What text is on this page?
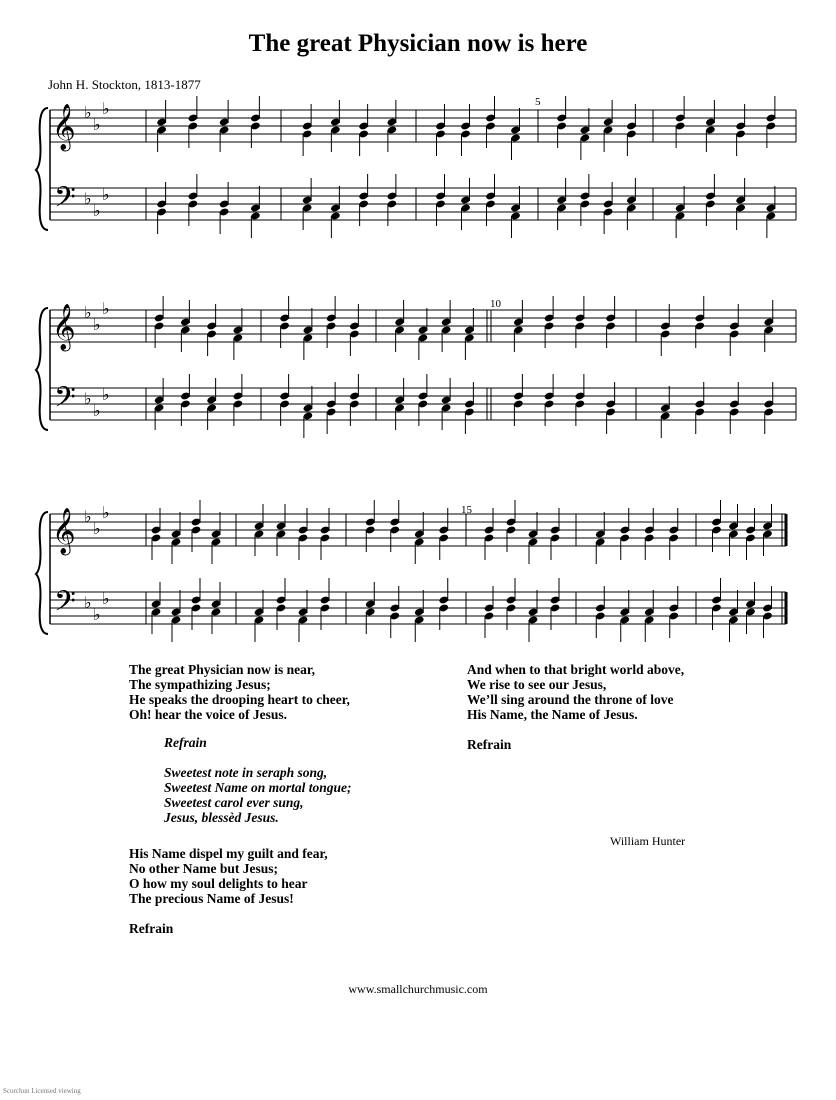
The great Physician now is here
John H. Stockton, 1813-1877
𝄞
𝄢
♭
♭
♭
♭
♭
♭
5
𝄞
𝄢
♭
♭
♭
♭
♭
♭
10
𝄞
𝄢
♭
♭
♭
♭
♭
♭
15
The great Physician now is near,
The sympathizing Jesus;
He speaks the drooping heart to cheer,
Oh! hear the voice of Jesus.
Refrain
Sweetest note in seraph song,
Sweetest Name on mortal tongue;
Sweetest carol ever sung,
Jesus, blessèd Jesus.
His Name dispel my guilt and fear,
No other Name but Jesus;
O how my soul delights to hear
The precious Name of Jesus!
Refrain
And when to that bright world above,
We rise to see our Jesus,
We’ll sing around the throne of love
His Name, the Name of Jesus.
Refrain
William Hunter
www.smallchurchmusic.com
Scorchun Licensed viewing
